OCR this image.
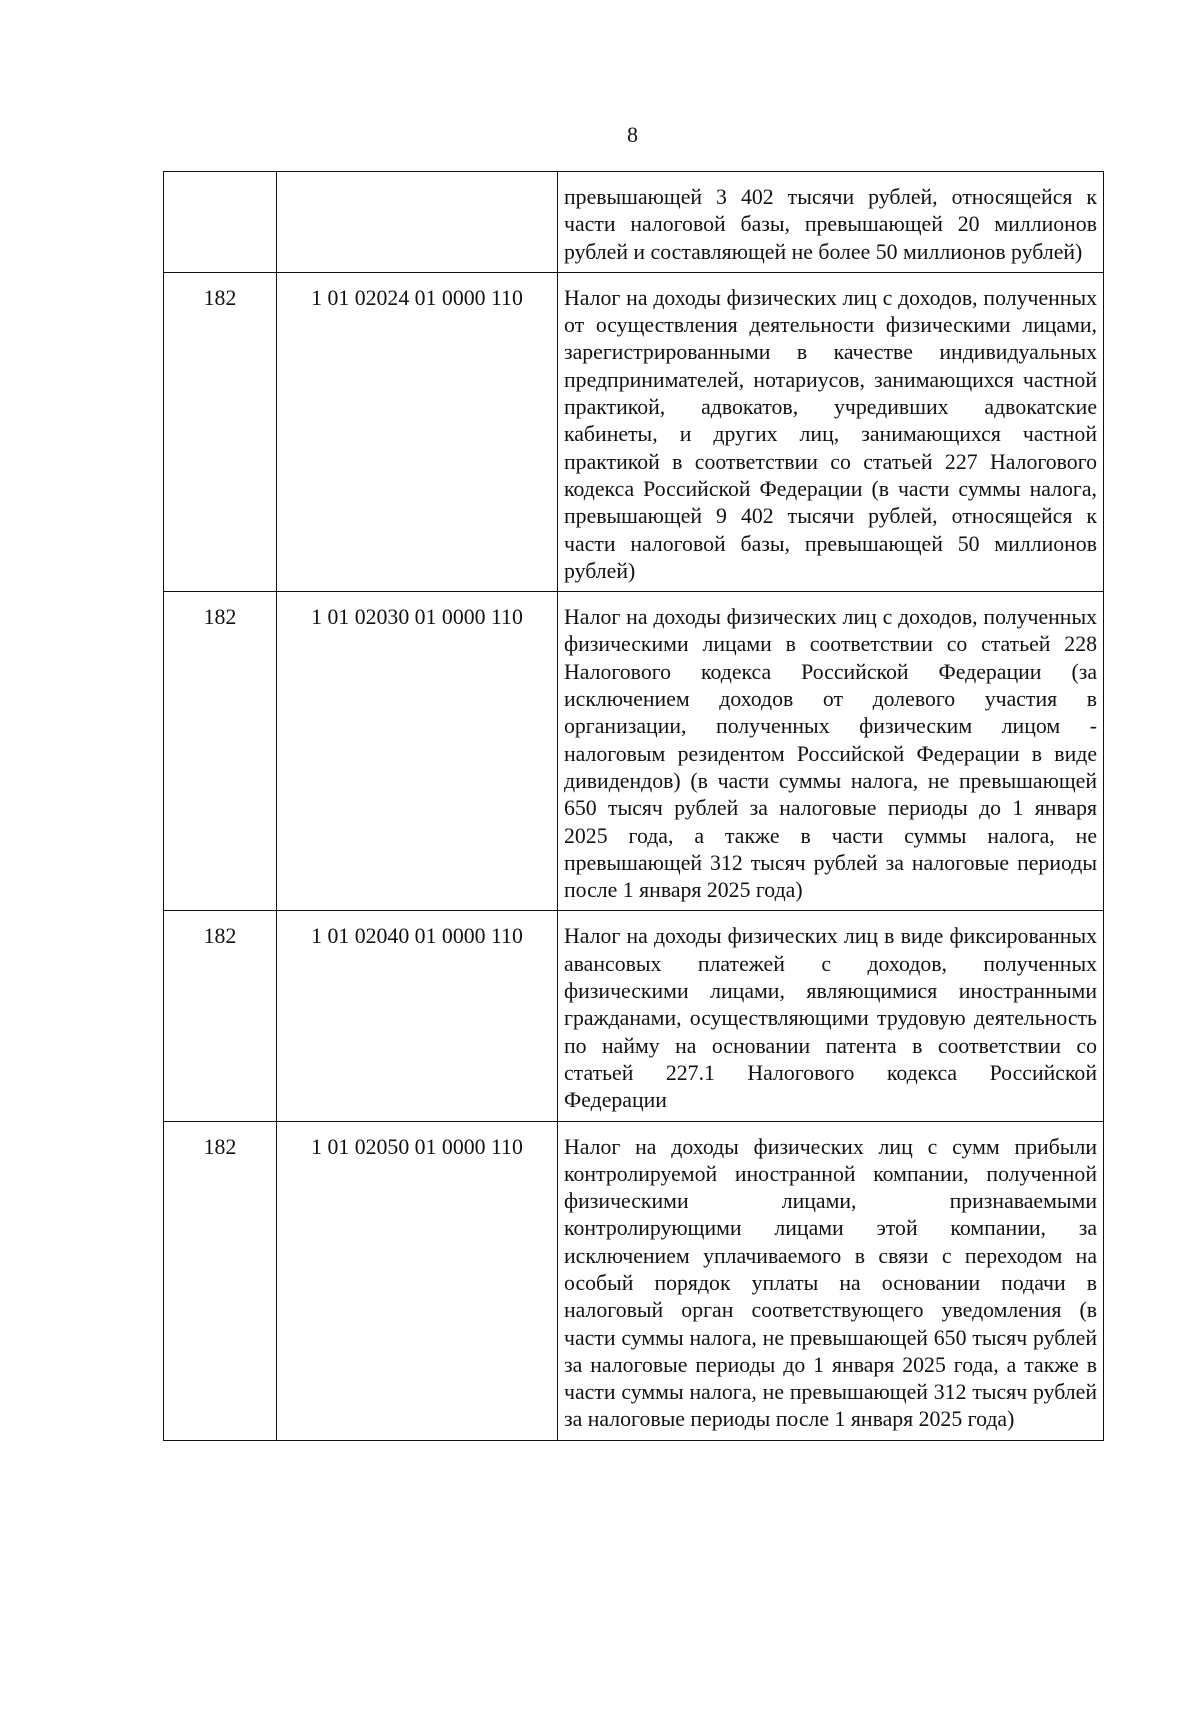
8
		превышающей 3 402 тысячи рублей, относящейся к части налоговой базы, превышающей 20 миллионов рублей и составляющей не более 50 миллионов рублей)
182	1 01 02024 01 0000 110	Налог на доходы физических лиц с доходов, полученных от осуществления деятельности физическими лицами, зарегистрированными в качестве индивидуальных предпринимателей, нотариусов, занимающихся частной практикой, адвокатов, учредивших адвокатские кабинеты, и других лиц, занимающихся частной практикой в соответствии со статьей 227 Налогового кодекса Российской Федерации (в части суммы налога, превышающей 9 402 тысячи рублей, относящейся к части налоговой базы, превышающей 50 миллионов рублей)
182	1 01 02030 01 0000 110	Налог на доходы физических лиц с доходов, полученных физическими лицами в соответствии со статьей 228 Налогового кодекса Российской Федерации (за исключением доходов от долевого участия в организации, полученных физическим лицом - налоговым резидентом Российской Федерации в виде дивидендов) (в части суммы налога, не превышающей 650 тысяч рублей за налоговые периоды до 1 января 2025 года, а также в части суммы налога, не превышающей 312 тысяч рублей за налоговые периоды после 1 января 2025 года)
182	1 01 02040 01 0000 110	Налог на доходы физических лиц в виде фиксированных авансовых платежей с доходов, полученных физическими лицами, являющимися иностранными гражданами, осуществляющими трудовую деятельность по найму на основании патента в соответствии со статьей 227.1 Налогового кодекса Российской Федерации
182	1 01 02050 01 0000 110	Налог на доходы физических лиц с сумм прибыли контролируемой иностранной компании, полученной физическими лицами, признаваемыми контролирующими лицами этой компании, за исключением уплачиваемого в связи с переходом на особый порядок уплаты на основании подачи в налоговый орган соответствующего уведомления (в части суммы налога, не превышающей 650 тысяч рублей за налоговые периоды до 1 января 2025 года, а также в части суммы налога, не превышающей 312 тысяч рублей за налоговые периоды после 1 января 2025 года)
